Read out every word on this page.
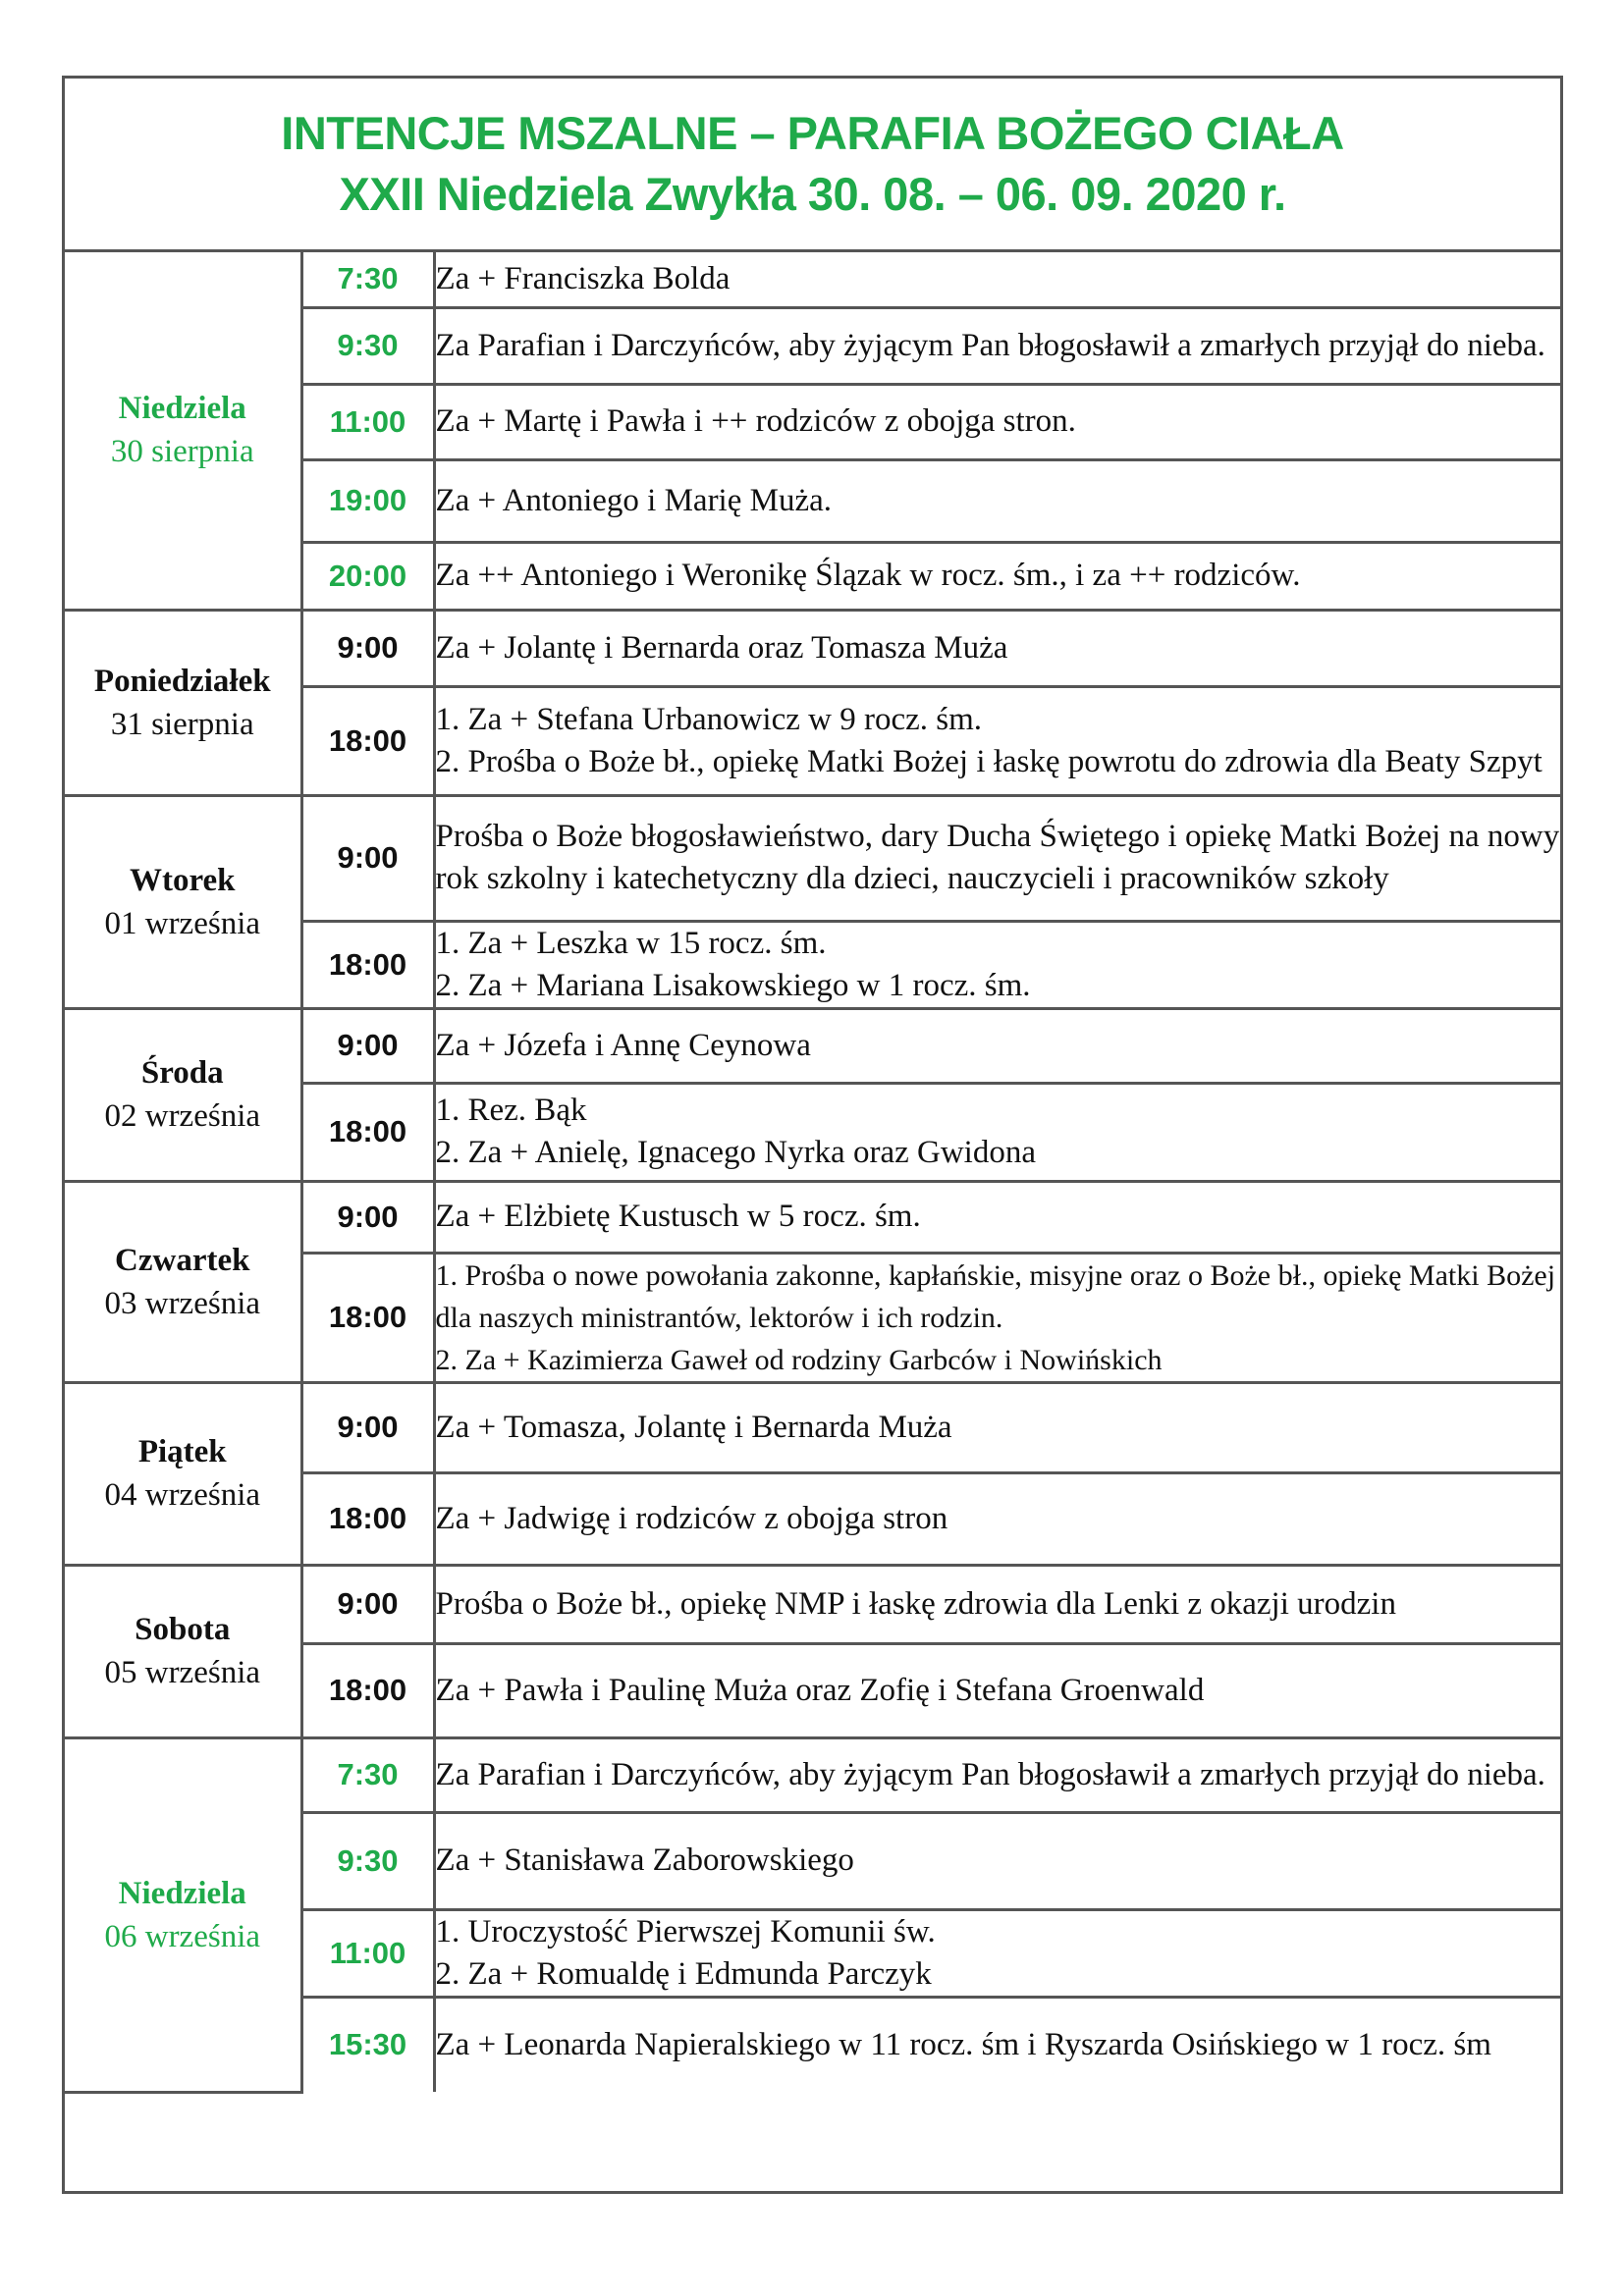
INTENCJE MSZALNE – PARAFIA BOŻEGO CIAŁA
XXII Niedziela Zwykła 30. 08. – 06. 09. 2020 r.
Niedziela
30 sierpnia	7:30	Za + Franciszka Bolda

	9:30	Za Parafian i Darczyńców, aby żyjącym Pan błogosławił a zmarłych przyjął do nieba.

	11:00	Za + Martę i Pawła i ++ rodziców z obojga stron.

	19:00	Za + Antoniego i Marię Muża.

	20:00	Za ++ Antoniego i Weronikę Ślązak w rocz. śm., i za ++ rodziców.

Poniedziałek
31 sierpnia	9:00	Za + Jolantę i Bernarda oraz Tomasza Muża

	18:00	1. Za + Stefana Urbanowicz w 9 rocz. śm.
2. Prośba o Boże bł., opiekę Matki Bożej i łaskę powrotu do zdrowia dla Beaty Szpyt

Wtorek
01 września	9:00	Prośba o Boże błogosławieństwo, dary Ducha Świętego i opiekę Matki Bożej na nowy rok szkolny i katechetyczny dla dzieci, nauczycieli i pracowników szkoły

	18:00	1. Za + Leszka w 15 rocz. śm.
2. Za + Mariana Lisakowskiego w 1 rocz. śm.

Środa
02 września	9:00	Za + Józefa i Annę Ceynowa

	18:00	1. Rez. Bąk
2. Za + Anielę, Ignacego Nyrka oraz Gwidona

Czwartek
03 września	9:00	Za + Elżbietę Kustusch w 5 rocz. śm.

	18:00	1. Prośba o nowe powołania zakonne, kapłańskie, misyjne oraz o Boże bł., opiekę Matki Bożej dla naszych ministrantów, lektorów i ich rodzin.
2. Za + Kazimierza Gaweł od rodziny Garbców i Nowińskich

Piątek
04 września	9:00	Za + Tomasza, Jolantę i Bernarda Muża

	18:00	Za + Jadwigę i rodziców z obojga stron

Sobota
05 września	9:00	Prośba o Boże bł., opiekę NMP i łaskę zdrowia dla Lenki z okazji urodzin

	18:00	Za + Pawła i Paulinę Muża oraz Zofię i Stefana Groenwald

Niedziela
06 września	7:30	Za Parafian i Darczyńców, aby żyjącym Pan błogosławił a zmarłych przyjął do nieba.

	9:30	Za + Stanisława Zaborowskiego

	11:00	1. Uroczystość Pierwszej Komunii św.
2. Za + Romualdę i Edmunda Parczyk

	15:30	Za + Leonarda Napieralskiego w 11 rocz. śm i Ryszarda Osińskiego w 1 rocz. śm
